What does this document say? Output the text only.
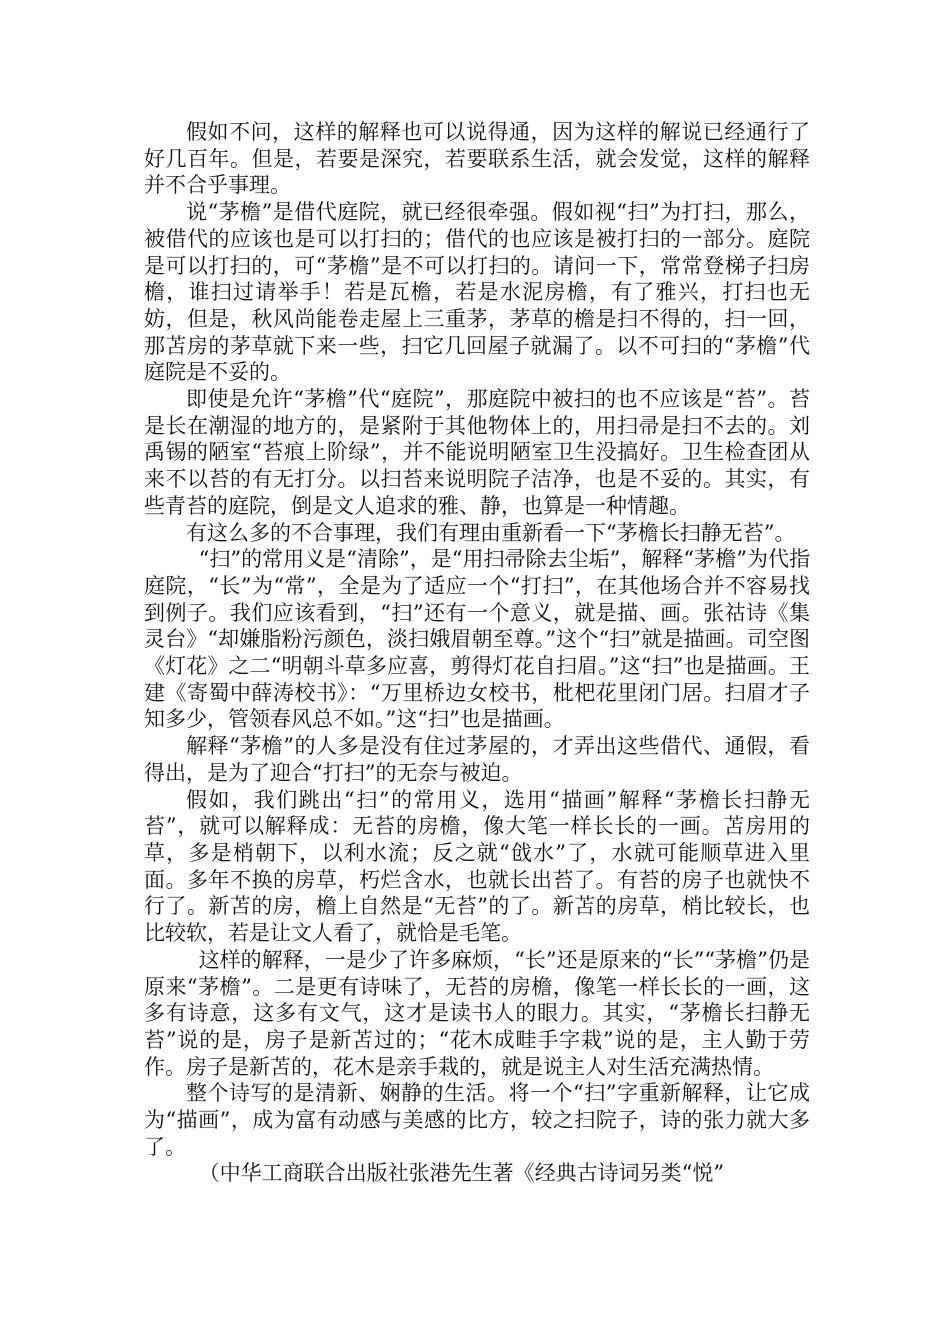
假如不问，这样的解释也可以说得通，因为这样的解说已经通行了好几百年。但是，若要是深究，若要联系生活，就会发觉，这样的解释并不合乎事理。

说“茅檐”是借代庭院，就已经很牵强。假如视“扫”为打扫，那么，被借代的应该也是可以打扫的；借代的也应该是被打扫的一部分。庭院是可以打扫的，可“茅檐”是不可以打扫的。请问一下，常常登梯子扫房檐，谁扫过请举手！若是瓦檐，若是水泥房檐，有了雅兴，打扫也无妨，但是，秋风尚能卷走屋上三重茅，茅草的檐是扫不得的，扫一回，那苫房的茅草就下来一些，扫它几回屋子就漏了。以不可扫的“茅檐”代庭院是不妥的。

即使是允许“茅檐”代“庭院”，那庭院中被扫的也不应该是“苔”。苔是长在潮湿的地方的，是紧附于其他物体上的，用扫帚是扫不去的。刘禹锡的陋室“苔痕上阶绿”，并不能说明陋室卫生没搞好。卫生检查团从来不以苔的有无打分。以扫苔来说明院子洁净，也是不妥的。其实，有些青苔的庭院，倒是文人追求的雅、静，也算是一种情趣。

有这么多的不合事理，我们有理由重新看一下“茅檐长扫静无苔”。

“扫”的常用义是“清除”，是“用扫帚除去尘垢”，解释“茅檐”为代指庭院，“长”为“常”，全是为了适应一个“打扫”，在其他场合并不容易找到例子。我们应该看到，“扫”还有一个意义，就是描、画。张祜诗《集灵台》“却嫌脂粉污颜色，淡扫娥眉朝至尊。”这个“扫”就是描画。司空图《灯花》之二“明朝斗草多应喜，剪得灯花自扫眉。”这“扫”也是描画。王建《寄蜀中薛涛校书》：“万里桥边女校书，枇杷花里闭门居。扫眉才子知多少，管领春风总不如。”这“扫”也是描画。

解释“茅檐”的人多是没有住过茅屋的，才弄出这些借代、通假，看得出，是为了迎合“打扫”的无奈与被迫。

假如，我们跳出“扫”的常用义，选用“描画”解释“茅檐长扫静无苔”，就可以解释成：无苔的房檐，像大笔一样长长的一画。苫房用的草，多是梢朝下，以利水流；反之就“戗水”了，水就可能顺草进入里面。多年不换的房草，朽烂含水，也就长出苔了。有苔的房子也就快不行了。新苫的房，檐上自然是“无苔”的了。新苫的房草，梢比较长，也比较软，若是让文人看了，就恰是毛笔。

这样的解释，一是少了许多麻烦，“长”还是原来的“长”“茅檐”仍是原来“茅檐”。二是更有诗味了，无苔的房檐，像笔一样长长的一画，这多有诗意，这多有文气，这才是读书人的眼力。其实，“茅檐长扫静无苔”说的是，房子是新苫过的；“花木成畦手字栽”说的是，主人勤于劳作。房子是新苫的，花木是亲手栽的，就是说主人对生活充满热情。

整个诗写的是清新、娴静的生活。将一个“扫”字重新解释，让它成为“描画”，成为富有动感与美感的比方，较之扫院子，诗的张力就大多了。

（中华工商联合出版社张港先生著《经典古诗词另类“悦”
